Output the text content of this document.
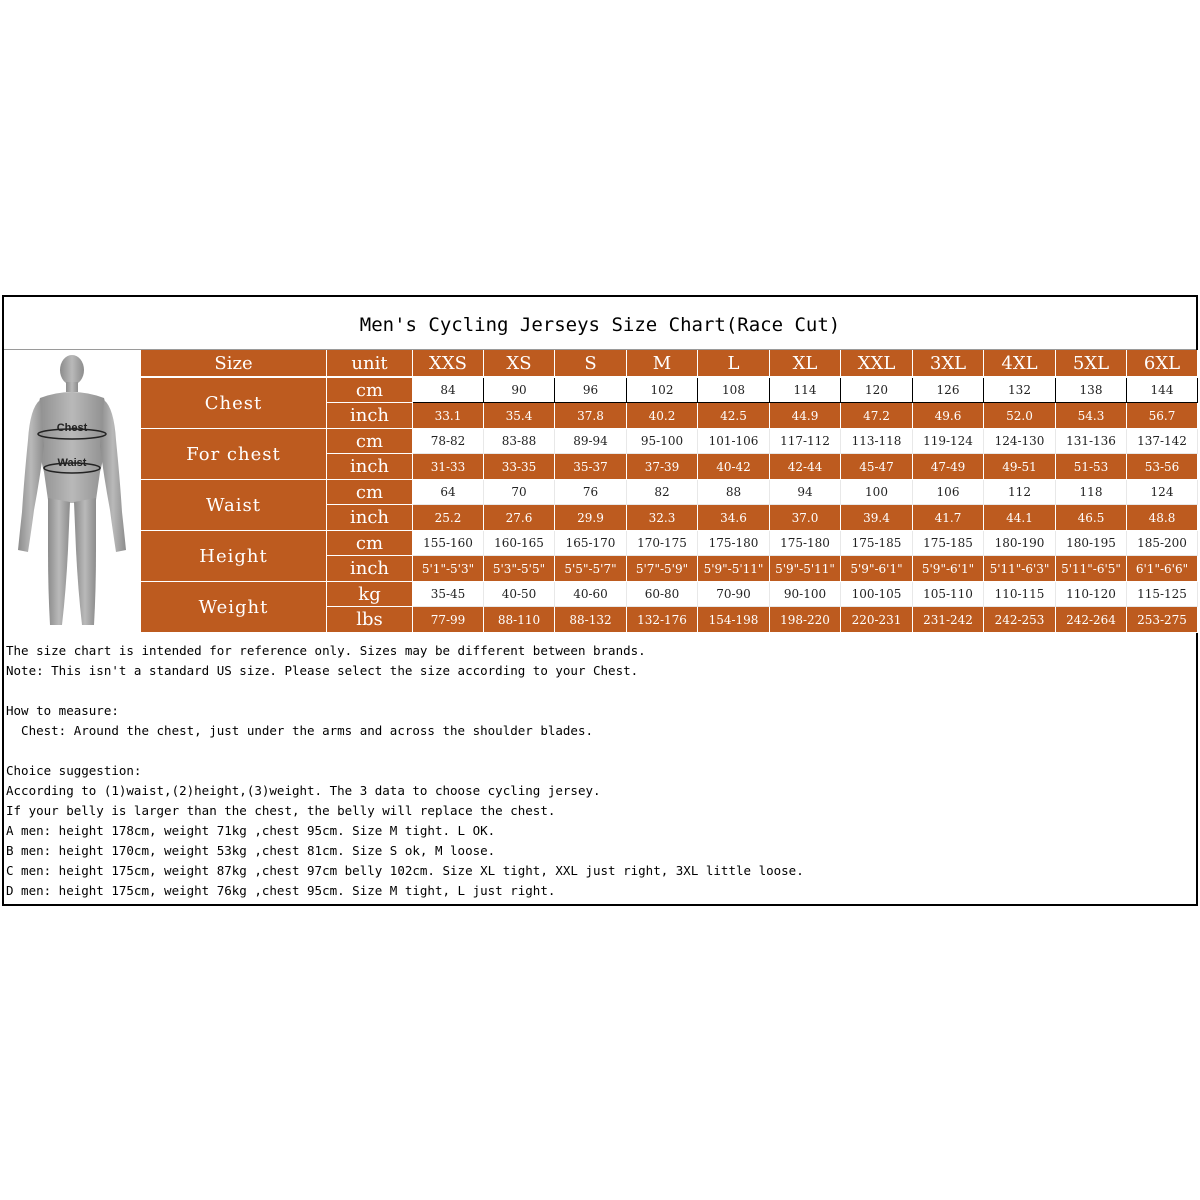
Men's Cycling Jerseys Size Chart(Race Cut)
Chest
Waist
Size	unit	XXS	XS	S	M	L	XL	XXL	3XL	4XL	5XL	6XL
Chest	cm	84	90	96	102	108	114	120	126	132	138	144
	inch	33.1	35.4	37.8	40.2	42.5	44.9	47.2	49.6	52.0	54.3	56.7
For chest	cm	78-82	83-88	89-94	95-100	101-106	117-112	113-118	119-124	124-130	131-136	137-142
	inch	31-33	33-35	35-37	37-39	40-42	42-44	45-47	47-49	49-51	51-53	53-56
Waist	cm	64	70	76	82	88	94	100	106	112	118	124
	inch	25.2	27.6	29.9	32.3	34.6	37.0	39.4	41.7	44.1	46.5	48.8
Height	cm	155-160	160-165	165-170	170-175	175-180	175-180	175-185	175-185	180-190	180-195	185-200
	inch	5'1"-5'3"	5'3"-5'5"	5'5"-5'7"	5'7"-5'9"	5'9"-5'11"	5'9"-5'11"	5'9"-6'1"	5'9"-6'1"	5'11"-6'3"	5'11"-6'5"	6'1"-6'6"
Weight	kg	35-45	40-50	40-60	60-80	70-90	90-100	100-105	105-110	110-115	110-120	115-125
	lbs	77-99	88-110	88-132	132-176	154-198	198-220	220-231	231-242	242-253	242-264	253-275
The size chart is intended for reference only. Sizes may be different between brands.
Note: This isn't a standard US size. Please select the size according to your Chest.
How to measure:
Chest: Around the chest, just under the arms and across the shoulder blades.
Choice suggestion:
According to (1)waist,(2)height,(3)weight. The 3 data to choose cycling jersey.
If your belly is larger than the chest, the belly will replace the chest.
A men: height 178cm, weight 71kg ,chest 95cm. Size M tight. L OK.
B men: height 170cm, weight 53kg ,chest 81cm. Size S ok, M loose.
C men: height 175cm, weight 87kg ,chest 97cm belly 102cm. Size XL tight, XXL just right, 3XL little loose.
D men: height 175cm, weight 76kg ,chest 95cm. Size M tight, L just right.
